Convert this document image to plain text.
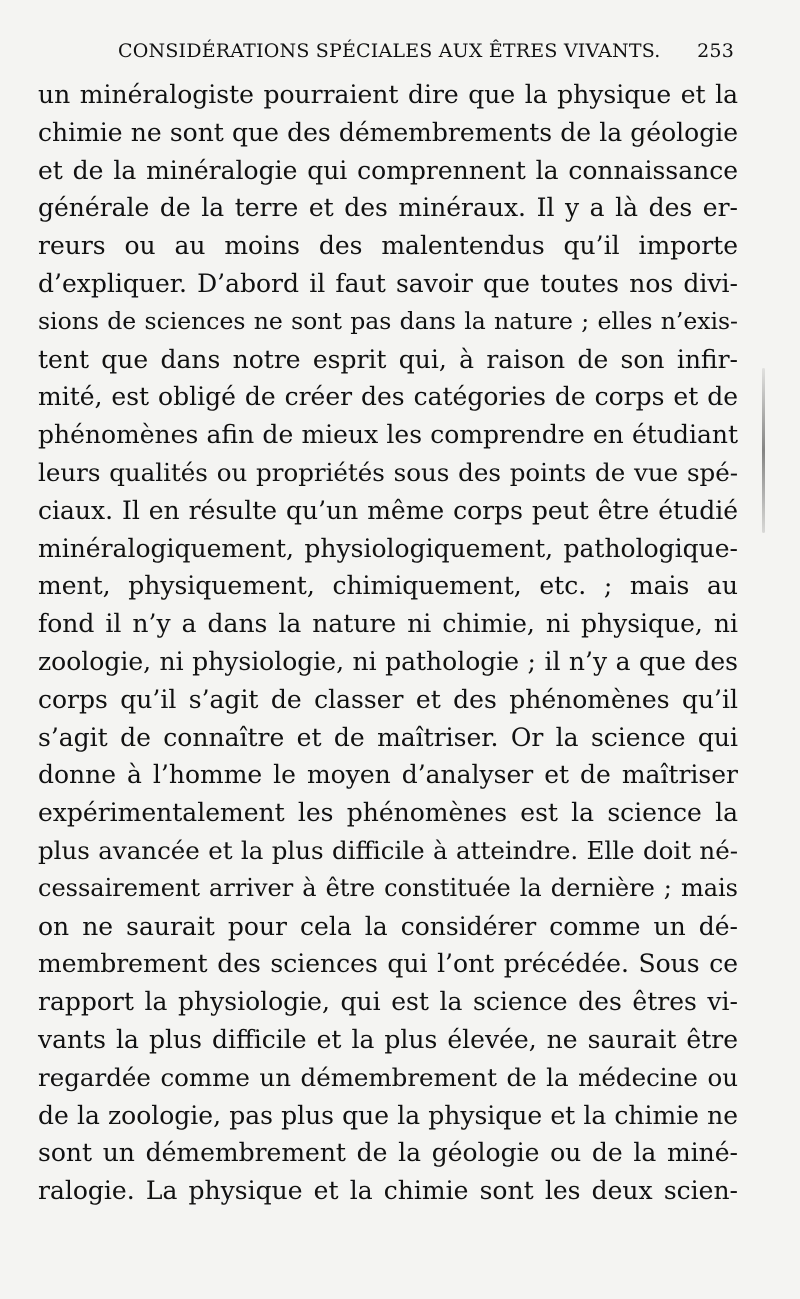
CONSIDÉRATIONS SPÉCIALES AUX ÊTRES VIVANTS. 253
un minéralogiste pourraient dire que la physique et la
chimie ne sont que des démembrements de la géologie
et de la minéralogie qui comprennent la connaissance
générale de la terre et des minéraux. Il y a là des er-
reurs ou au moins des malentendus qu’il importe
d’expliquer. D’abord il faut savoir que toutes nos divi-
sions de sciences ne sont pas dans la nature ; elles n’exis-
tent que dans notre esprit qui, à raison de son infir-
mité, est obligé de créer des catégories de corps et de
phénomènes afin de mieux les comprendre en étudiant
leurs qualités ou propriétés sous des points de vue spé-
ciaux. Il en résulte qu’un même corps peut être étudié
minéralogiquement, physiologiquement, pathologique-
ment, physiquement, chimiquement, etc. ; mais au
fond il n’y a dans la nature ni chimie, ni physique, ni
zoologie, ni physiologie, ni pathologie ; il n’y a que des
corps qu’il s’agit de classer et des phénomènes qu’il
s’agit de connaître et de maîtriser. Or la science qui
donne à l’homme le moyen d’analyser et de maîtriser
expérimentalement les phénomènes est la science la
plus avancée et la plus difficile à atteindre. Elle doit né-
cessairement arriver à être constituée la dernière ; mais
on ne saurait pour cela la considérer comme un dé-
membrement des sciences qui l’ont précédée. Sous ce
rapport la physiologie, qui est la science des êtres vi-
vants la plus difficile et la plus élevée, ne saurait être
regardée comme un démembrement de la médecine ou
de la zoologie, pas plus que la physique et la chimie ne
sont un démembrement de la géologie ou de la miné-
ralogie. La physique et la chimie sont les deux scien-
